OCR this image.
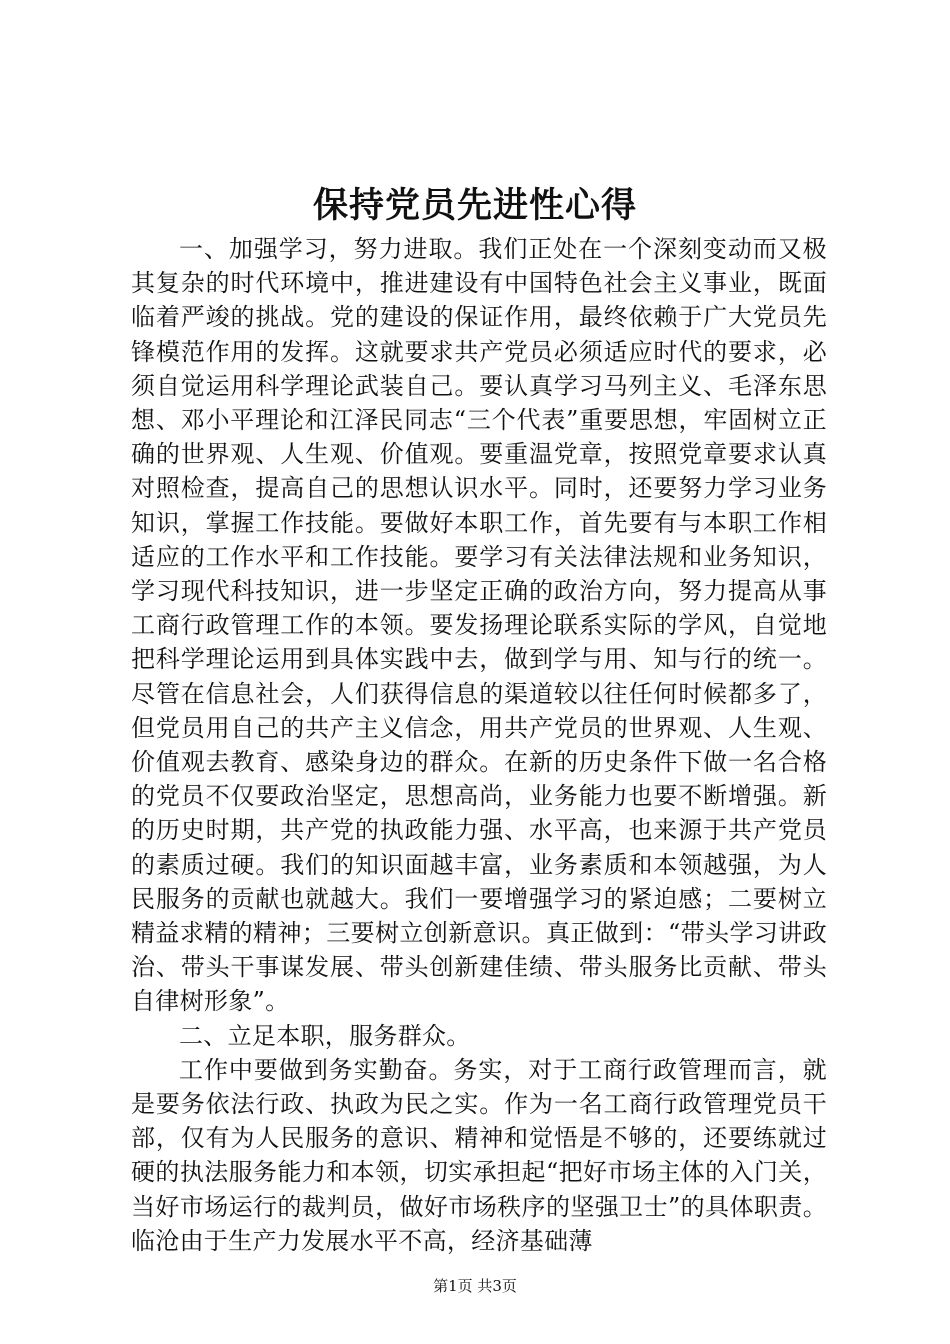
保持党员先进性心得

一、加强学习，努力进取。我们正处在一个深刻变动而又极其复杂的时代环境中，推进建设有中国特色社会主义事业，既面临着严竣的挑战。党的建设的保证作用，最终依赖于广大党员先锋模范作用的发挥。这就要求共产党员必须适应时代的要求，必须自觉运用科学理论武装自己。要认真学习马列主义、毛泽东思想、邓小平理论和江泽民同志“三个代表”重要思想，牢固树立正确的世界观、人生观、价值观。要重温党章，按照党章要求认真对照检查，提高自己的思想认识水平。同时，还要努力学习业务知识，掌握工作技能。要做好本职工作，首先要有与本职工作相适应的工作水平和工作技能。要学习有关法律法规和业务知识，学习现代科技知识，进一步坚定正确的政治方向，努力提高从事工商行政管理工作的本领。要发扬理论联系实际的学风，自觉地把科学理论运用到具体实践中去，做到学与用、知与行的统一。尽管在信息社会，人们获得信息的渠道较以往任何时候都多了，但党员用自己的共产主义信念，用共产党员的世界观、人生观、价值观去教育、感染身边的群众。在新的历史条件下做一名合格的党员不仅要政治坚定，思想高尚，业务能力也要不断增强。新的历史时期，共产党的执政能力强、水平高，也来源于共产党员的素质过硬。我们的知识面越丰富，业务素质和本领越强，为人民服务的贡献也就越大。我们一要增强学习的紧迫感；二要树立精益求精的精神；三要树立创新意识。真正做到：“带头学习讲政治、带头干事谋发展、带头创新建佳绩、带头服务比贡献、带头自律树形象”。

二、立足本职，服务群众。

工作中要做到务实勤奋。务实，对于工商行政管理而言，就是要务依法行政、执政为民之实。作为一名工商行政管理党员干部，仅有为人民服务的意识、精神和觉悟是不够的，还要练就过硬的执法服务能力和本领，切实承担起“把好市场主体的入门关，当好市场运行的裁判员，做好市场秩序的坚强卫士”的具体职责。临沧由于生产力发展水平不高，经济基础薄

第1页 共3页
